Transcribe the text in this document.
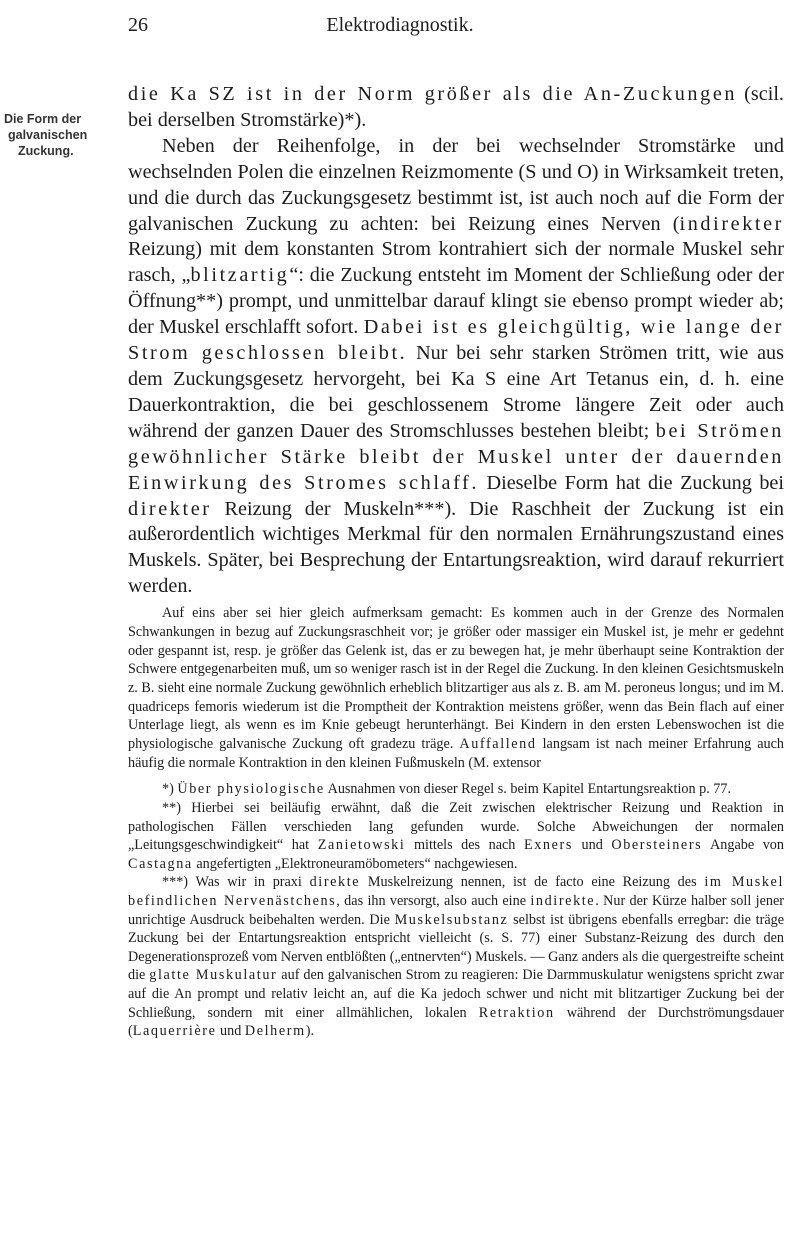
26	Elektrodiagnostik.
Die Form der
galvanischen
Zuckung.

die Ka SZ ist in der Norm größer als die An-Zuckungen (scil. bei derselben Stromstärke)*).

Neben der Reihenfolge, in der bei wechselnder Stromstärke und wechselnden Polen die einzelnen Reizmomente (S und O) in Wirksamkeit treten, und die durch das Zuckungsgesetz bestimmt ist, ist auch noch auf die Form der galvanischen Zuckung zu achten: bei Reizung eines Nerven (indirekter Reizung) mit dem konstanten Strom kontrahiert sich der normale Muskel sehr rasch, „blitzartig“: die Zuckung entsteht im Moment der Schließung oder der Öffnung**) prompt, und unmittelbar darauf klingt sie ebenso prompt wieder ab; der Muskel erschlafft sofort. Dabei ist es gleichgültig, wie lange der Strom geschlossen bleibt. Nur bei sehr starken Strömen tritt, wie aus dem Zuckungsgesetz hervorgeht, bei Ka S eine Art Tetanus ein, d. h. eine Dauerkontraktion, die bei geschlossenem Strome längere Zeit oder auch während der ganzen Dauer des Stromschlusses bestehen bleibt; bei Strömen gewöhnlicher Stärke bleibt der Muskel unter der dauernden Einwirkung des Stromes schlaff. Dieselbe Form hat die Zuckung bei direkter Reizung der Muskeln***). Die Raschheit der Zuckung ist ein außerordentlich wichtiges Merkmal für den normalen Ernährungszustand eines Muskels. Später, bei Besprechung der Entartungsreaktion, wird darauf rekurriert werden.

Auf eins aber sei hier gleich aufmerksam gemacht: Es kommen auch in der Grenze des Normalen Schwankungen in bezug auf Zuckungsraschheit vor; je größer oder massiger ein Muskel ist, je mehr er gedehnt oder gespannt ist, resp. je größer das Gelenk ist, das er zu bewegen hat, je mehr überhaupt seine Kontraktion der Schwere entgegenarbeiten muß, um so weniger rasch ist in der Regel die Zuckung. In den kleinen Gesichtsmuskeln z. B. sieht eine normale Zuckung gewöhnlich erheblich blitzartiger aus als z. B. am M. peroneus longus; und im M. quadriceps femoris wiederum ist die Promptheit der Kontraktion meistens größer, wenn das Bein flach auf einer Unterlage liegt, als wenn es im Knie gebeugt herunterhängt. Bei Kindern in den ersten Lebenswochen ist die physiologische galvanische Zuckung oft gradezu träge. Auffallend langsam ist nach meiner Erfahrung auch häufig die normale Kontraktion in den kleinen Fußmuskeln (M. extensor

*) Über physiologische Ausnahmen von dieser Regel s. beim Kapitel Entartungsreaktion p. 77.

**) Hierbei sei beiläufig erwähnt, daß die Zeit zwischen elektrischer Reizung und Reaktion in pathologischen Fällen verschieden lang gefunden wurde. Solche Abweichungen der normalen „Leitungsgeschwindigkeit“ hat Zanietowski mittels des nach Exners und Obersteiners Angabe von Castagna angefertigten „Elektroneuramöbometers“ nachgewiesen.

***) Was wir in praxi direkte Muskelreizung nennen, ist de facto eine Reizung des im Muskel befindlichen Nervenästchens, das ihn versorgt, also auch eine indirekte. Nur der Kürze halber soll jener unrichtige Ausdruck beibehalten werden. Die Muskelsubstanz selbst ist übrigens ebenfalls erregbar: die träge Zuckung bei der Entartungsreaktion entspricht vielleicht (s. S. 77) einer Substanz-Reizung des durch den Degenerationsprozeß vom Nerven entblößten („entnervten“) Muskels. — Ganz anders als die quergestreifte scheint die glatte Muskulatur auf den galvanischen Strom zu reagieren: Die Darmmuskulatur wenigstens spricht zwar auf die An prompt und relativ leicht an, auf die Ka jedoch schwer und nicht mit blitzartiger Zuckung bei der Schließung, sondern mit einer allmählichen, lokalen Retraktion während der Durchströmungsdauer (Laquerrière und Delherm).
